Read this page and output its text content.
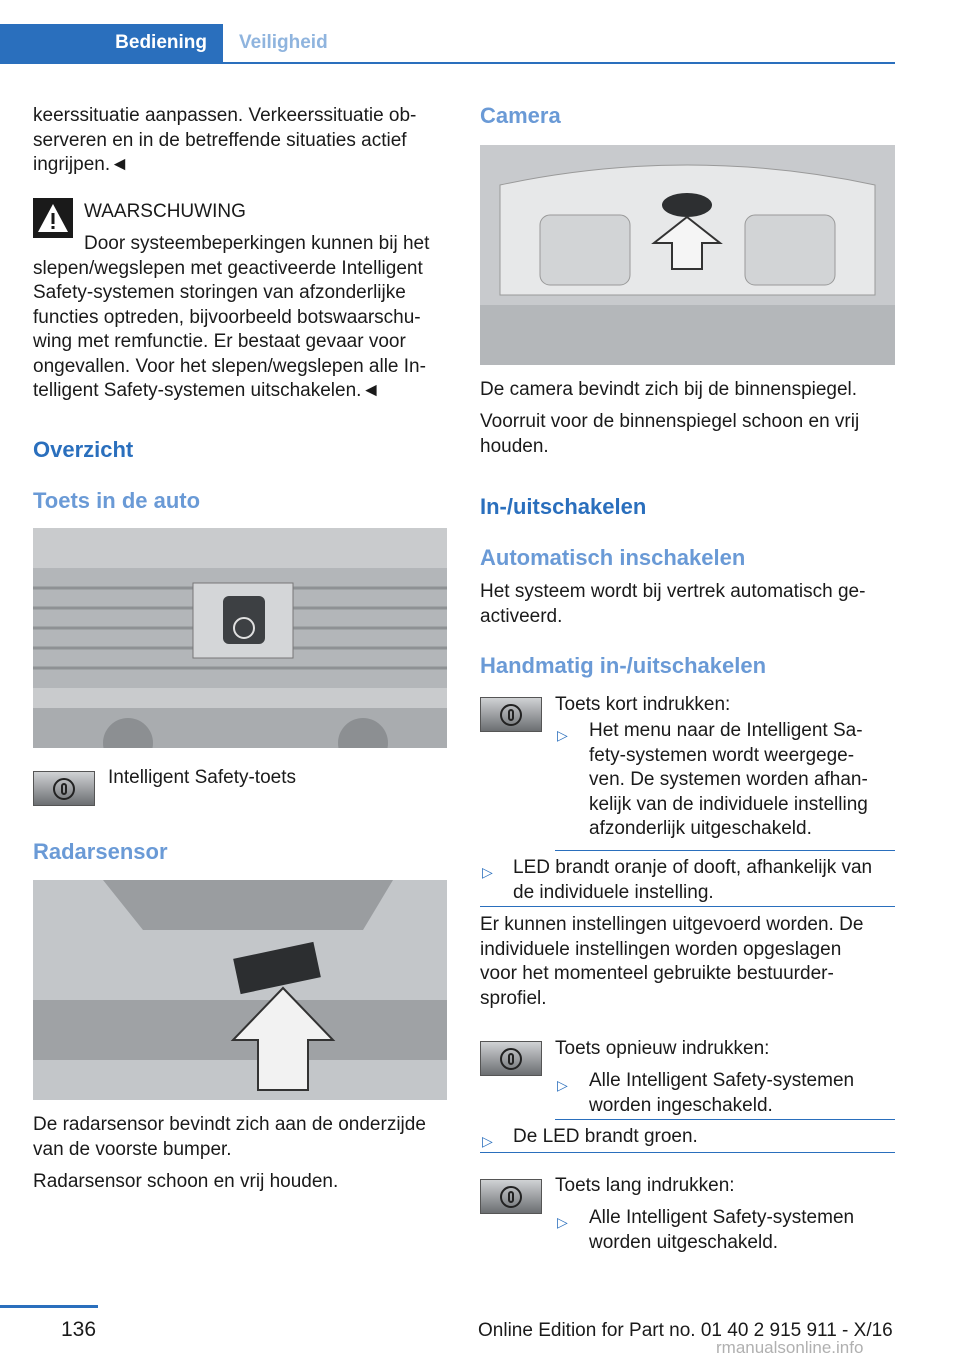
Bediening	Veiligheid

keerssituatie aanpassen. Verkeerssituatie ob-

serveren en in de betreffende situaties actief

ingrijpen.◄

WAARSCHUWING

Door systeembeperkingen kunnen bij het

slepen/wegslepen met geactiveerde Intelligent

Safety-systemen storingen van afzonderlijke

functies optreden, bijvoorbeeld botswaarschu-

wing met remfunctie. Er bestaat gevaar voor

ongevallen. Voor het slepen/wegslepen alle In-

telligent Safety-systemen uitschakelen.◄

Overzicht
Toets in de auto
Intelligent Safety-toets
Radarsensor

De radarsensor bevindt zich aan de onderzijde

van de voorste bumper.

Radarsensor schoon en vrij houden.
Camera
De camera bevindt zich bij de binnenspiegel.

Voorruit voor de binnenspiegel schoon en vrij

houden.

In-/uitschakelen
Automatisch inschakelen

Het systeem wordt bij vertrek automatisch ge-

activeerd.

Handmatig in-/uitschakelen
Toets kort indrukken:
▷ Het menu naar de Intelligent Sa-

fety-systemen wordt weergege-

ven. De systemen worden afhan-

kelijk van de individuele instelling

afzonderlijk uitgeschakeld.

▷ LED brandt oranje of dooft, afhankelijk van

de individuele instelling.

Er kunnen instellingen uitgevoerd worden. De

individuele instellingen worden opgeslagen

voor het momenteel gebruikte bestuurder-

sprofiel.

Toets opnieuw indrukken:
▷ Alle Intelligent Safety-systemen

worden ingeschakeld.

▷ De LED brandt groen.
Toets lang indrukken:
▷ Alle Intelligent Safety-systemen

worden uitgeschakeld.

136	Online Edition for Part no. 01 40 2 915 911 - X/16
rmanualsonline.info
